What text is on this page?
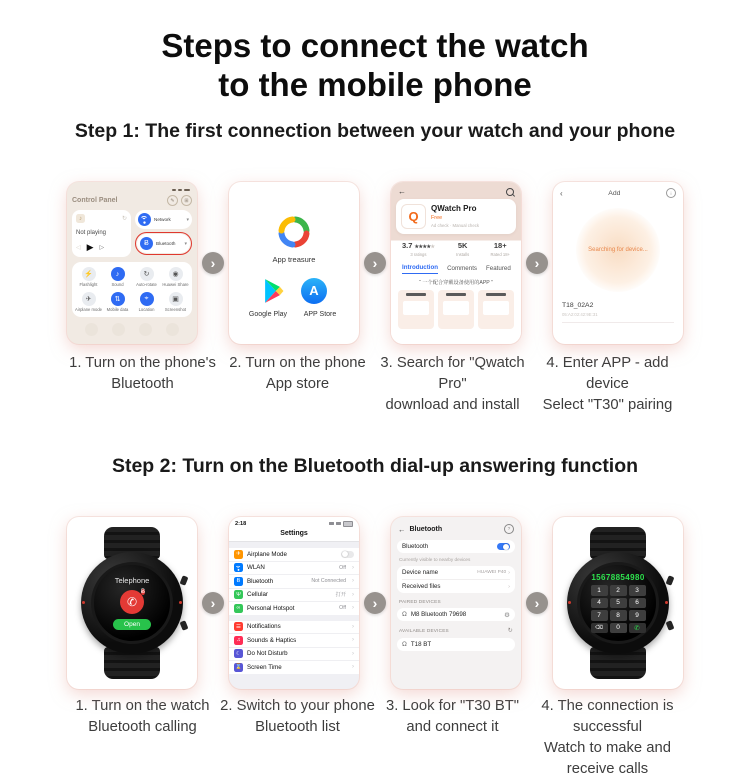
Steps to connect the watch
to the mobile phone
Step 1: The first connection between your watch and your phone
Control Panel	✎	⊞
♪	↻
Not playing
◁ ▶ ▷
Network	▾
Ƀ	Bluetooth ▾
⚡
Flashlight
♪
Sound
↻
Auto-rotate
◉
Huawei Share
✈
Airplane mode
⇅
Mobile data
⌖
Location
▣
Screenshot
›	App treasure
A
Google Play	APP Store
›
←
Q
QWatch Pro
Free
Ad check · Manual check
3.7 ★★★★★
3 ratings
5K
Installs
18+
Rated 18+
Introduction Comments Featured
“ 一个配合穿戴设备使用的APP ”
›
‹	Add	i
Searching for device...
T18_02A2
05:A2:02:42:9E:31
1. Turn on the phone's
Bluetooth
2. Turn on the phone
App store
3. Search for "Qwatch Pro"
download and install
4. Enter APP - add device
Select "T30" pairing
Step 2: Turn on the Bluetooth dial-up answering function
Telephone
✆
Ƀ
Open
›
2:18
Settings
✈	Airplane Mode
WLAN	Off ›
Ƀ	Bluetooth	Not Connected ›
Ψ	Cellular	打开 ›
∞	Personal Hotspot	Off ›
☰ Notifications	›
♫	Sounds & Haptics	›
☾ Do Not Disturb	›
⌛ Screen Time	›
›
← Bluetooth	?
Bluetooth
Currently visible to nearby devices
Device name	HUAWEI P40 ›
Received files	›
PAIRED DEVICES
Ω M8 Bluetooth 79698	⚙
AVAILABLE DEVICES	↻
Ω T18 BT
›
15678854980
1	2	3
4	5	6
7	8	9
⌫	0	✆
1. Turn on the watch
Bluetooth calling
2. Switch to your phone
Bluetooth list
3. Look for "T30 BT"
and connect it
4. The connection is
successful
Watch to make and
receive calls
